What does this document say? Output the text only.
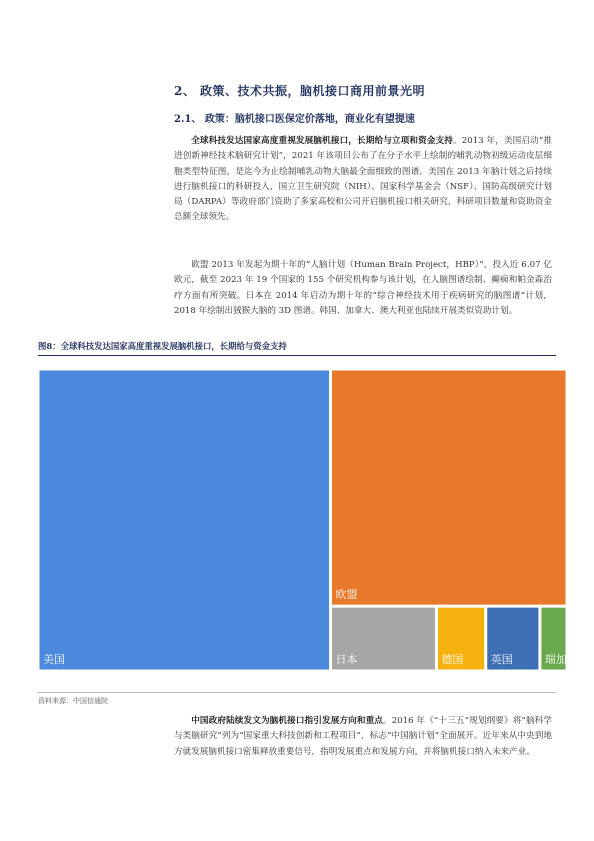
2、 政策、技术共振，脑机接口商用前景光明
2.1、 政策：脑机接口医保定价落地，商业化有望提速

全球科技发达国家高度重视发展脑机接口，长期给与立项和资金支持。2013 年，美国启动“推进创新神经技术脑研究计划”，2021 年该项目公布了在分子水平上绘制的哺乳动物初级运动皮层细胞类型特征图，是迄今为止绘制哺乳动物大脑最全面细致的图谱。美国在 2013 年脑计划之后持续进行脑机接口的科研投入，国立卫生研究院（NIH）、国家科学基金会（NSF）、国防高级研究计划局（DARPA）等政府部门资助了多家高校和公司开启脑机接口相关研究，科研项目数量和资助资金总额全球领先。

欧盟 2013 年发起为期十年的“人脑计划（Human Brain Project，HBP）”，投入近 6.07 亿欧元，截至 2023 年 19 个国家的 155 个研究机构参与该计划，在人脑图谱绘制、癫痫和帕金森治疗方面有所突破。日本在 2014 年启动为期十年的“综合神经技术用于疾病研究的脑图谱”计划，2018 年绘制出狨猴大脑的 3D 图谱。韩国、加拿大、澳大利亚也陆续开展类似资助计划。

图8：全球科技发达国家高度重视发展脑机接口，长期给与资金支持
美国
欧盟
日本	德国 英国	瑞加
资料来源：中国信通院

中国政府陆续发文为脑机接口指引发展方向和重点。2016 年《“十三五”规划纲要》将“脑科学与类脑研究”列为“国家重大科技创新和工程项目”，标志“中国脑计划”全面展开。近年来从中央到地方就发展脑机接口密集释放重要信号，指明发展重点和发展方向，并将脑机接口纳入未来产业。
